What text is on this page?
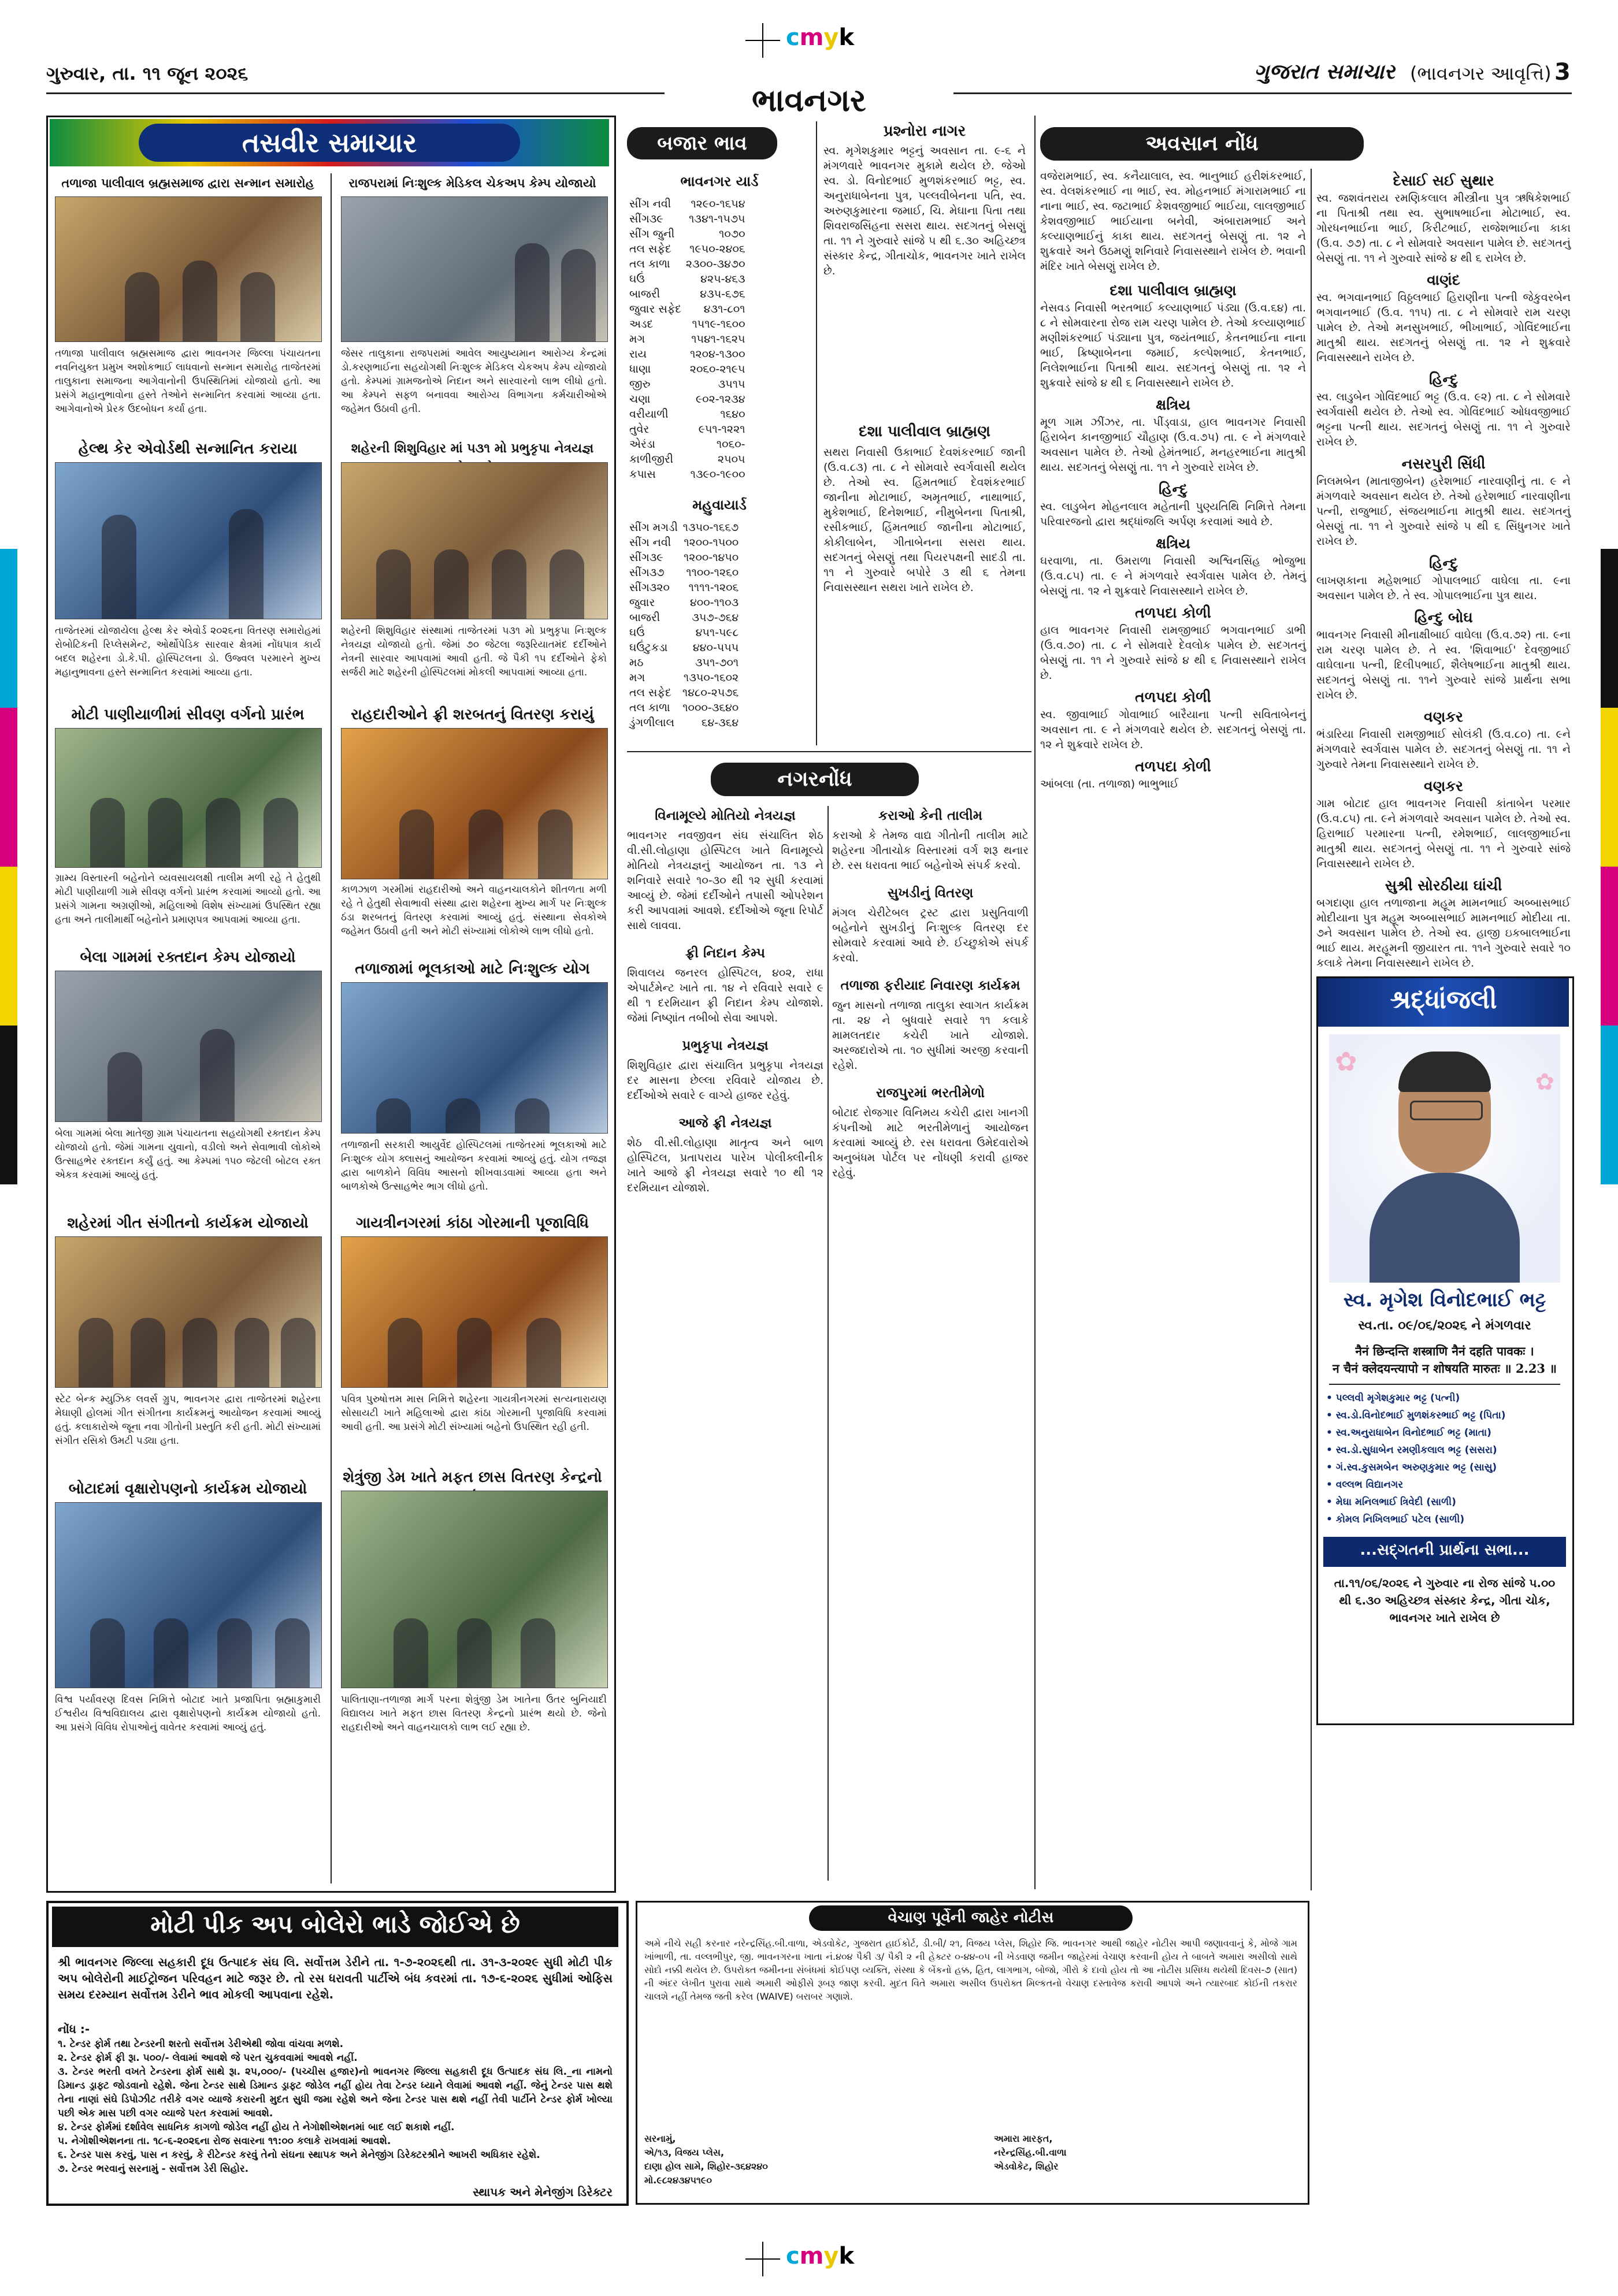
cmyk
cmyk
ગુરુવાર, તા. ૧૧ જૂન ૨૦૨૬	ગુજરાત સમાચાર (ભાવનગર આવૃત્તિ) 3
ભાવનગર
તસવીર સમાચાર
તળાજા પાલીવાલ બ્રહ્મસમાજ દ્વારા સન્માન સમારોહ
તળાજા પાલીવાલ બ્રહ્મસમાજ દ્વારા ભાવનગર જિલ્લા પંચાયતના નવનિયુક્ત પ્રમુખ અશોકભાઈ લાધવાનો સન્માન સમારોહ તાજેતરમાં તાલુકાના સમાજના આગેવાનોની ઉપસ્થિતિમાં યોજાયો હતો. આ પ્રસંગે મહાનુભાવોના હસ્તે તેઓને સન્માનિત કરવામાં આવ્યા હતા. આગેવાનોએ પ્રેરક ઉદબોધન કર્યા હતા.
હેલ્થ કેર એવોર્ડથી સન્માનિત કરાયા
તાજેતરમાં યોજાયેલા હેલ્થ કેર એવોર્ડ ૨૦૨૬ના વિતરણ સમારોહમાં રોબોટિકની રિપ્લેસમેન્ટ, ઓર્થોપેડિક સારવાર ક્ષેત્રમાં નોંધપાત્ર કાર્ય બદલ શહેરના ડો.કે.પી. હોસ્પિટલના ડો. ઉજ્વલ પરમારને મુખ્ય મહાનુભાવના હસ્તે સન્માનિત કરવામાં આવ્યા હતા.
મોટી પાણીયાળીમાં સીવણ વર્ગનો પ્રારંભ
ગ્રામ્ય વિસ્તારની બહેનોને વ્યવસાયલક્ષી તાલીમ મળી રહે તે હેતુથી મોટી પાણીયાળી ગામે સીવણ વર્ગનો પ્રારંભ કરવામાં આવ્યો હતો. આ પ્રસંગે ગામના અગ્રણીઓ, મહિલાઓ વિશેષ સંખ્યામાં ઉપસ્થિત રહ્યા હતા અને તાલીમાર્થી બહેનોને પ્રમાણપત્ર આપવામાં આવ્યા હતા.
બેલા ગામમાં રક્તદાન કેમ્પ યોજાયો
બેલા ગામમાં બેલા માતેજી ગ્રામ પંચાયતના સહયોગથી રક્તદાન કેમ્પ યોજાયો હતો. જેમાં ગામના યુવાનો, વડીલો અને સેવાભાવી લોકોએ ઉત્સાહભેર રક્તદાન કર્યું હતું. આ કેમ્પમાં ૧૫૦ જેટલી બોટલ રક્ત એકત્ર કરવામાં આવ્યું હતું.
શહેરમાં ગીત સંગીતનો કાર્યક્રમ યોજાયો
સ્ટેટ બેન્ક મ્યુઝિક લવર્સ ગ્રુપ, ભાવનગર દ્વારા તાજેતરમાં શહેરના મેઘાણી હોલમાં ગીત સંગીતના કાર્યક્રમનું આયોજન કરવામાં આવ્યું હતું. કલાકારોએ જૂના નવા ગીતોની પ્રસ્તુતિ કરી હતી. મોટી સંખ્યામાં સંગીત રસિકો ઉમટી પડ્યા હતા.
બોટાદમાં વૃક્ષારોપણનો કાર્યક્રમ યોજાયો
વિશ્વ પર્યાવરણ દિવસ નિમિત્તે બોટાદ ખાતે પ્રજાપિતા બ્રહ્માકુમારી ઈશ્વરીય વિશ્વવિદ્યાલય દ્વારા વૃક્ષારોપણનો કાર્યક્રમ યોજાયો હતો. આ પ્રસંગે વિવિધ રોપાઓનું વાવેતર કરવામાં આવ્યું હતું.
રાજપરામાં નિઃશુલ્ક મેડિકલ ચેકઅપ કેમ્પ યોજાયો
જેસર તાલુકાના રાજપરામાં આવેલ આયુષ્યમાન આરોગ્ય કેન્દ્રમાં ડો.કરણભાઈના સહયોગથી નિઃશુલ્ક મેડિકલ ચેકઅપ કેમ્પ યોજાયો હતો. કેમ્પમાં ગ્રામજનોએ નિદાન અને સારવારનો લાભ લીધો હતો. આ કેમ્પને સફળ બનાવવા આરોગ્ય વિભાગના કર્મચારીઓએ જહેમત ઉઠાવી હતી.
શહેરની શિશુવિહાર માં ૫૩૧ મો પ્રભુકૃપા નેત્રયજ્ઞ
શહેરની શિશુવિહાર સંસ્થામાં તાજેતરમાં ૫૩૧ મો પ્રભુકૃપા નિઃશુલ્ક નેત્રયજ્ઞ યોજાયો હતો. જેમાં ૭૦ જેટલા જરૂરિયાતમંદ દર્દીઓને નેત્રની સારવાર આપવામાં આવી હતી. જે પૈકી ૧૫ દર્દીઓને ફેકો સર્જરી માટે શહેરની હોસ્પિટલમાં મોકલી આપવામાં આવ્યા હતા.
રાહદારીઓને ફ્રી શરબતનું વિતરણ કરાયું
કાળઝાળ ગરમીમાં રાહદારીઓ અને વાહનચાલકોને શીતળતા મળી રહે તે હેતુથી સેવાભાવી સંસ્થા દ્વારા શહેરના મુખ્ય માર્ગ પર નિઃશુલ્ક ઠંડા શરબતનું વિતરણ કરવામાં આવ્યું હતું. સંસ્થાના સેવકોએ જહેમત ઉઠાવી હતી અને મોટી સંખ્યામાં લોકોએ લાભ લીધો હતો.
તળાજામાં ભૂલકાઓ માટે નિઃશુલ્ક યોગ
તળાજાની સરકારી આયુર્વેદ હોસ્પિટલમાં તાજેતરમાં ભૂલકાઓ માટે નિઃશુલ્ક યોગ ક્લાસનું આયોજન કરવામાં આવ્યું હતું. યોગ તજજ્ઞ દ્વારા બાળકોને વિવિધ આસનો શીખવાડવામાં આવ્યા હતા અને બાળકોએ ઉત્સાહભેર ભાગ લીધો હતો.
ગાયત્રીનગરમાં કાંઠા ગોરમાની પૂજાવિધિ
પવિત્ર પુરુષોત્તમ માસ નિમિત્તે શહેરના ગાયત્રીનગરમાં સત્યનારાયણ સોસાયટી ખાતે મહિલાઓ દ્વારા કાંઠા ગોરમાની પૂજાવિધિ કરવામાં આવી હતી. આ પ્રસંગે મોટી સંખ્યામાં બહેનો ઉપસ્થિત રહી હતી.
શેત્રુંજી ડેમ ખાતે મફત છાસ વિતરણ કેન્દ્રનો
પાલિતાણા-તળાજા માર્ગ પરના શેત્રુંજી ડેમ ખાતેના ઉતર બુનિયાદી વિદ્યાલય ખાતે મફત છાસ વિતરણ કેન્દ્રનો પ્રારંભ થયો છે. જેનો રાહદારીઓ અને વાહનચાલકો લાભ લઈ રહ્યા છે.
બજાર ભાવ
ભાવનગર યાર્ડ
સીંગ નવી	૧૨૯૦-૧૬૫૪
સીંગ૩૯	૧૩૪૧-૧૫૭૫
સીંગ જુની	૧૦૭૦
તલ સફેદ	૧૯૫૦-૨૪૦૬
તલ કાળા	૨૩૦૦-૩૪૭૦
ઘઉં	૪૨૫-૪૬૩
બાજરી	૪૩૫-૬૭૬
જુવાર સફેદ	૪૩૧-૮૦૧
અડદ	૧૫૧૯-૧૬૦૦
મગ	૧૫૪૧-૧૬૨૫
રાય	૧૨૦૪-૧૩૦૦
ધાણા	૨૦૬૦-૨૧૯૫
જીરુ	૩૫૧૫
ચણા	૯૦૨-૧૨૩૪
વરીયાળી	૧૬૪૦
તુવેર	૯૫૧-૧૨૨૧
એરંડા	૧૦૬૦-
કાળીજીરી	૨૫૦૫
કપાસ	૧૩૯૦-૧૯૦૦
મહુવાયાર્ડ
સીંગ મગડી	૧૩૫૦-૧૬૬૭
સીંગ નવી	૧૨૦૦-૧૫૦૦
સીંગ૩૯	૧૨૦૦-૧૪૫૦
સીંગ૩૭	૧૧૦૦-૧૨૬૦
સીંગ૩૨૦	૧૧૧૧-૧૨૦૬
જુવાર	૪૦૦-૧૧૦૩
બાજરી	૩૫૭-૭૬૪
ઘઉં	૪૫૧-૫૯૮
ઘઉંટુકડા	૪૪૦-૫૫૫
મઠ	૩૫૧-૭૦૧
મગ	૧૩૫૦-૧૬૦૨
તલ સફેદ	૧૪૮૦-૨૫૭૬
તલ કાળા	૧૦૦૦-૩૬૪૦
ડુંગળીલાલ	૬૪-૩૬૪
પ્રશ્નોરા નાગર
સ્વ. મૃગેશકુમાર ભટ્ટનું અવસાન તા. ૯-૬ ને મંગળવારે ભાવનગર મુકામે થયેલ છે. જેઓ સ્વ. ડો. વિનોદભાઈ મુળશંકરભાઈ ભટ્ટ, સ્વ. અનુરાધાબેનના પુત્ર, પલ્લવીબેનના પતિ, સ્વ. અરુણકુમારના જમાઈ, ચિ. મેઘાના પિતા તથા શિવરાજસિંહના સસરા થાય. સદગતનું બેસણું તા. ૧૧ ને ગુરુવારે સાંજે ૫ થી ૬.૩૦ અહિચ્છત્ર સંસ્કાર કેન્દ્ર, ગીતાચોક, ભાવનગર ખાતે રાખેલ છે.
દશા પાલીવાલ બ્રાહ્મણ
સથરા નિવાસી ઉકાભાઈ દેવશંકરભાઈ જાની (ઉ.વ.૮૩) તા. ૮ ને સોમવારે સ્વર્ગવાસી થયેલ છે. તેઓ સ્વ. હિંમતભાઈ દેવશંકરભાઈ જાનીના મોટાભાઈ, અમૃતભાઈ, નાથાભાઈ, મુકેશભાઈ, દિનેશભાઈ, નીમુબેનના પિતાશ્રી, રસીકભાઈ, હિંમતભાઈ જાનીના મોટાભાઈ, કોકીલાબેન, ગીતાબેનના સસરા થાય. સદગતનું બેસણું તથા પિયરપક્ષની સાદડી તા. ૧૧ ને ગુરુવારે બપોરે ૩ થી ૬ તેમના નિવાસસ્થાન સથરા ખાતે રાખેલ છે.
નગરનોંધ
વિનામૂલ્યે મોતિયો નેત્રયજ્ઞ
ભાવનગર નવજીવન સંઘ સંચાલિત શેઠ વી.સી.લોહાણા હોસ્પિટલ ખાતે વિનામૂલ્યે મોતિયો નેત્રયજ્ઞનું આયોજન તા. ૧૩ ને શનિવારે સવારે ૧૦-૩૦ થી ૧૨ સુધી કરવામાં આવ્યું છે. જેમાં દર્દીઓને તપાસી ઓપરેશન કરી આપવામાં આવશે. દર્દીઓએ જૂના રિપોર્ટ સાથે લાવવા.
ફ્રી નિદાન કેમ્પ
શિવાલય જનરલ હોસ્પિટલ, ૪૦૨, રાધા એપાર્ટમેન્ટ ખાતે તા. ૧૪ ને રવિવારે સવારે ૯ થી ૧ દરમિયાન ફ્રી નિદાન કેમ્પ યોજાશે. જેમાં નિષ્ણાંત તબીબો સેવા આપશે.
પ્રભુકૃપા નેત્રયજ્ઞ
શિશુવિહાર દ્વારા સંચાલિત પ્રભુકૃપા નેત્રયજ્ઞ દર માસના છેલ્લા રવિવારે યોજાય છે. દર્દીઓએ સવારે ૯ વાગ્યે હાજર રહેવું.
આજે ફ્રી નેત્રયજ્ઞ
શેઠ વી.સી.લોહાણા માતૃત્વ અને બાળ હોસ્પિટલ, પ્રતાપરાય પારેખ પોલીક્લીનીક ખાતે આજે ફ્રી નેત્રયજ્ઞ સવારે ૧૦ થી ૧૨ દરમિયાન યોજાશે.
કરાઓ કેની તાલીમ
કરાઓ કે તેમજ વાદ્ય ગીતોની તાલીમ માટે શહેરના ગીતાચોક વિસ્તારમાં વર્ગ શરૂ થનાર છે. રસ ધરાવતા ભાઈ બહેનોએ સંપર્ક કરવો.
સુખડીનું વિતરણ
મંગલ ચેરીટેબલ ટ્રસ્ટ દ્વારા પ્રસુતિવાળી બહેનોને સુખડીનું નિઃશુલ્ક વિતરણ દર સોમવારે કરવામાં આવે છે. ઈચ્છુકોએ સંપર્ક કરવો.
તળાજા ફરીયાદ નિવારણ કાર્યક્રમ
જુન માસનો તળાજા તાલુકા સ્વાગત કાર્યક્રમ તા. ૨૪ ને બુધવારે સવારે ૧૧ કલાકે મામલતદાર કચેરી ખાતે યોજાશે. અરજદારોએ તા. ૧૦ સુધીમાં અરજી કરવાની રહેશે.
રાજપુરમાં ભરતીમેળો
બોટાદ રોજગાર વિનિમય કચેરી દ્વારા ખાનગી કંપનીઓ માટે ભરતીમેળાનું આયોજન કરવામાં આવ્યું છે. રસ ધરાવતા ઉમેદવારોએ અનુબંધમ પોર્ટલ પર નોંધણી કરાવી હાજર રહેવું.
અવસાન નોંધ
વજેરામભાઈ, સ્વ. કનૈયાલાલ, સ્વ. ભાનુભાઈ હરીશંકરભાઈ, સ્વ. વેલશંકરભાઈ ના ભાઈ, સ્વ. મોહનભાઈ મંગારામભાઈ ના નાના ભાઈ, સ્વ. જટાભાઈ કેશવજીભાઈ ભાઈયા, લાલજીભાઈ કેશવજીભાઈ ભાઈયાના બનેવી, અંબારામભાઈ અને કલ્યાણભાઈનું કાકા થાય. સદગતનું બેસણું તા. ૧૨ ને શુક્રવારે અને ઉઠમણું શનિવારે નિવાસસ્થાને રાખેલ છે. ભવાની મંદિર ખાતે બેસણું રાખેલ છે.
દશા પાલીવાલ બ્રાહ્મણ
નેસવડ નિવાસી ભરતભાઈ કલ્યાણભાઈ પંડ્યા (ઉ.વ.૬૪) તા. ૮ ને સોમવારના રોજ રામ ચરણ પામેલ છે. તેઓ કલ્યાણભાઈ મણીશંકરભાઈ પંડ્યાના પુત્ર, જયંતભાઈ, કેતનભાઈના નાના ભાઈ, ક્રિષ્ણાબેનના જમાઈ, કલ્પેશભાઈ, કેતનભાઈ, નિલેશભાઈના પિતાશ્રી થાય. સદગતનું બેસણું તા. ૧૨ ને શુક્રવારે સાંજે ૪ થી ૬ નિવાસસ્થાને રાખેલ છે.
ક્ષત્રિય
મૂળ ગામ ઝીંઝર, તા. પીંડ્વાડા, હાલ ભાવનગર નિવાસી હિરાબેન કાનજીભાઈ ચૌહાણ (ઉ.વ.૭૫) તા. ૯ ને મંગળવારે અવસાન પામેલ છે. તેઓ હેમંતભાઈ, મનહરભાઈના માતુશ્રી થાય. સદગતનું બેસણું તા. ૧૧ ને ગુરુવારે રાખેલ છે.
હિન્દુ
સ્વ. લાડુબેન મોહનલાલ મહેતાની પુણ્યતિથિ નિમિત્તે તેમના પરિવારજનો દ્વારા શ્રદ્ધાંજલિ અર્પણ કરવામાં આવે છે.
ક્ષત્રિય
ઘરવાળા, તા. ઉમરાળા નિવાસી અશ્વિનસિંહ ભોજુભા (ઉ.વ.૮૫) તા. ૯ ને મંગળવારે સ્વર્ગવાસ પામેલ છે. તેમનું બેસણું તા. ૧૨ ને શુક્રવારે નિવાસસ્થાને રાખેલ છે.
તળપદા કોળી
હાલ ભાવનગર નિવાસી રામજીભાઈ ભગવાનભાઈ ડાભી (ઉ.વ.૭૦) તા. ૮ ને સોમવારે દેવલોક પામેલ છે. સદગતનું બેસણું તા. ૧૧ ને ગુરુવારે સાંજે ૪ થી ૬ નિવાસસ્થાને રાખેલ છે.
તળપદા કોળી
સ્વ. જીવાભાઈ ગોવાભાઈ બારૈયાના પત્ની સવિતાબેનનું અવસાન તા. ૯ ને મંગળવારે થયેલ છે. સદગતનું બેસણું તા. ૧૨ ને શુક્રવારે રાખેલ છે.
તળપદા કોળી
આંબલા (તા. તળાજા) ભાભુભાઈ
દેસાઈ સઈ સુથાર
સ્વ. જશવંતરાય રમણિકલાલ મીસ્ત્રીના પુત્ર ઋષિકેશભાઈ ના પિતાશ્રી તથા સ્વ. સુભાષભાઈના મોટાભાઈ, સ્વ. ગોરધનભાઈના ભાઈ, કિરીટભાઈ, રાજેશભાઈના કાકા (ઉ.વ. ૭૭) તા. ૮ ને સોમવારે અવસાન પામેલ છે. સદગતનું બેસણું તા. ૧૧ ને ગુરુવારે સાંજે ૪ થી ૬ રાખેલ છે.
વાણંદ
સ્વ. ભગવાનભાઈ વિઠ્ઠલભાઈ હિરાણીના પત્ની જેકુવરબેન ભગવાનભાઈ (ઉ.વ. ૧૧૫) તા. ૮ ને સોમવારે રામ ચરણ પામેલ છે. તેઓ મનસુખભાઈ, ભીખાભાઈ, ગોવિંદભાઈના માતુશ્રી થાય. સદગતનું બેસણું તા. ૧૨ ને શુક્રવારે નિવાસસ્થાને રાખેલ છે.
હિન્દુ
સ્વ. લાડુબેન ગોવિંદભાઈ ભટ્ટ (ઉ.વ. ૯૨) તા. ૮ ને સોમવારે સ્વર્ગવાસી થયેલ છે. તેઓ સ્વ. ગોવિંદભાઈ ઓધવજીભાઈ ભટ્ટના પત્ની થાય. સદગતનું બેસણું તા. ૧૧ ને ગુરુવારે રાખેલ છે.
નસરપુરી સિંધી
નિલમબેન (માતાજીબેન) હરેશભાઈ નારવાણીનું તા. ૯ ને મંગળવારે અવસાન થયેલ છે. તેઓ હરેશભાઈ નારવાણીના પત્ની, રાજુભાઈ, સંજયભાઈના માતુશ્રી થાય. સદગતનું બેસણું તા. ૧૧ ને ગુરુવારે સાંજે ૫ થી ૬ સિંધુનગર ખાતે રાખેલ છે.
હિન્દુ
લાખણકાના મહેશભાઈ ગોપાલભાઈ વાઘેલા તા. ૯ના અવસાન પામેલ છે. તે સ્વ. ગોપાલભાઈના પુત્ર થાય.
હિન્દુ બોઘ
ભાવનગર નિવાસી મીનાક્ષીબાઈ વાઘેલા (ઉ.વ.૭૨) તા. ૯ના રામ ચરણ પામેલ છે. તે સ્વ. 'શિવાભાઈ' દેવજીભાઈ વાઘેલાના પત્ની, દિલીપભાઈ, શૈલેષભાઈના માતુશ્રી થાય. સદગતનું બેસણું તા. ૧૧ને ગુરુવારે સાંજે પ્રાર્થના સભા રાખેલ છે.
વણકર
ભંડારિયા નિવાસી રામજીભાઈ સોલંકી (ઉ.વ.૮૦) તા. ૯ને મંગળવારે સ્વર્ગવાસ પામેલ છે. સદગતનું બેસણું તા. ૧૧ ને ગુરુવારે તેમના નિવાસસ્થાને રાખેલ છે.
વણકર
ગામ બોટાદ હાલ ભાવનગર નિવાસી કાંતાબેન પરમાર (ઉ.વ.૮૫) તા. ૯ને મંગળવારે અવસાન પામેલ છે. તેઓ સ્વ. હિરાભાઈ પરમારના પત્ની, રમેશભાઈ, લાલજીભાઈના માતુશ્રી થાય. સદગતનું બેસણું તા. ૧૧ ને ગુરુવારે સાંજે નિવાસસ્થાને રાખેલ છે.
સુશ્રી સોરઠીયા ઘાંચી
બગદાણા હાલ તળાજાના મહૂમ મામનભાઈ અબ્બાસભાઈ મોદીયાના પુત્ર મહૂમ અબ્બાસભાઈ મામનભાઈ મોદીયા તા. ૭ને અવસાન પામેલ છે. તેઓ સ્વ. હાજી ઇકબાલભાઈના ભાઈ થાય. મરહૂમની જીયારત તા. ૧૧ને ગુરુવારે સવારે ૧૦ કલાકે તેમના નિવાસસ્થાને રાખેલ છે.
શ્રદ્ધાંજલી
✿
✿
સ્વ. મૃગેશ વિનોદભાઈ ભટ્ટ
સ્વ.તા. ૦૯/૦૬/૨૦૨૬ ને મંગળવાર
नैनं छिन्दन्ति शस्त्राणि नैनं दहति पावकः ।
न चैनं क्लेदयन्त्यापो न शोषयति मारुतः ॥ 2.23 ॥
• પલ્લવી મૃગેશકુમાર ભટ્ટ (પત્ની)
• સ્વ.ડો.વિનોદભાઈ મુળશંકરભાઈ ભટ્ટ (પિતા)
• સ્વ.અનુરાધાબેન વિનોદભાઈ ભટ્ટ (માતા)
• સ્વ.ડો.સુધાબેન રમણીકલાલ ભટ્ટ (સસરા)
• ગં.સ્વ.કુસમબેન અરુણકુમાર ભટ્ટ (સાસુ)
• વલ્લભ વિદ્યાનગર
• મેઘા મનિલભાઈ ત્રિવેદી (સાળી)
• કોમલ નિખિલભાઈ પટેલ (સાળી)
...સદ્‌ગતની પ્રાર્થના સભા...
તા.૧૧/૦૬/૨૦૨૬ ને ગુરુવાર ના રોજ સાંજે ૫.૦૦ થી ૬.૩૦ અહિચ્છત્ર સંસ્કાર કેન્દ્ર, ગીતા ચોક, ભાવનગર ખાતે રાખેલ છે
મોટી પીક અપ બોલેરો ભાડે જોઈએ છે
શ્રી ભાવનગર જિલ્લા સહકારી દૂધ ઉત્પાદક સંઘ લિ. સર્વોત્તમ ડેરીને તા. ૧-૭-૨૦૨૬થી તા. ૩૧-૩-૨૦૨૯ સુધી મોટી પીક અપ બોલેરોની માઈટ્રોજન પરિવહન માટે જરૂર છે. તો રસ ધરાવતી પાર્ટીએ બંધ કવરમાં તા. ૧૭-૬-૨૦૨૬ સુધીમાં ઓફિસ સમય દરમ્યાન સર્વોત્તમ ડેરીને ભાવ મોકલી આપવાના રહેશે.
નોંધ :-
૧. ટેન્ડર ફોર્મ તથા ટેન્ડરની શરતો સર્વોત્તમ ડેરીએથી જોવા વાંચવા મળશે.
૨. ટેન્ડર ફોર્મ ફી રૂા. ૫૦૦/- લેવામાં આવશે જે પરત ચુકવવામાં આવશે નહીં.
૩. ટેન્ડર ભરતી વખતે ટેન્ડરના ફોર્મ સાથે રૂા. ૨૫,૦૦૦/- (પચ્ચીસ હજાર)નો ભાવનગર જિલ્લા સહકારી દૂધ ઉત્પાદક સંઘ લિ._ના નામનો ડિમાન્ડ ડ્રાફ્ટ જોડવાનો રહેશે. જેના ટેન્ડર સાથે ડિમાન્ડ ડ્રાફ્ટ જોડેલ નહીં હોય તેવા ટેન્ડર ધ્યાને લેવામાં આવશે નહીં. જેનું ટેન્ડર પાસ થશે તેના નાણાં સંઘે ડિપોઝીટ તરીકે વગર વ્યાજે કરારની મુદત સુધી જમા રહેશે અને જેના ટેન્ડર પાસ થશે નહીં તેવી પાર્ટીને ટેન્ડર ફોર્મ ખોલ્યા પછી એક માસ પછી વગર વ્યાજે પરત કરવામાં આવશે.
૪. ટેન્ડર ફોર્મમાં દર્શાવેલ સાધનિક કાગળો જોડેલ નહીં હોય તે નેગોશીએશનમાં બાદ લઈ શકાશે નહીં.
૫. નેગોશીએશનના તા. ૧૮-૬-૨૦૨૬ના રોજ સવારના ૧૧:૦૦ કલાકે રાખવામાં આવશે.
૬. ટેન્ડર પાસ કરવું, પાસ ન કરવું, કે રીટેન્ડર કરવું તેનો સંઘના સ્થાપક અને મેનેજીંગ ડિરેક્ટરશ્રીને આખરી અધિકાર રહેશે.
૭. ટેન્ડર ભરવાનું સરનામું - સર્વોત્તમ ડેરી સિહોર.
સ્થાપક અને મેનેજીંગ ડિરેક્ટર
વેચાણ પૂર્વેની જાહેર નોટીસ
અમે નીચે સહી કરનાર નરેન્દ્રસિંહ.બી.વાળા, એડવોકેટ, ગુજરાત હાઈકોર્ટ, ડી.બી/ ૨૧, વિજય પ્લેસ, શિહોર જિ. ભાવનગર આથી જાહેર નોટીસ આપી જણાવવાનું કે, મોજે ગામ ખાંભાળી, તા. વલ્લભીપુર, જી. ભાવનગરના ખાતા નં.૪૦૪ પૈકી ૩/ પૈકી ૨ ની હેક્ટર ૦-૪૪-૦૫ ની ખેડવાણ જમીન જાહેરમાં વેચાણ કરવાની હોય તે બાબતે અમારા અસીલો સાથે સોદો નક્કી થયેલ છે. ઉપરોક્ત જમીનના સંબંધમાં કોઈપણ વ્યક્તિ, સંસ્થા કે બેંકનો હક્ક, હિત, લાગભાગ, બોજો, ગીરો કે દાવો હોય તો આ નોટીસ પ્રસિધ્ધ થયેથી દિવસ-૭ (સાત) ની અંદર લેખીત પુરાવા સાથે અમારી ઓફીસે રૂબરૂ જાણ કરવી. મુદત વિતે અમારા અસીલ ઉપરોક્ત મિલ્કતનો વેચાણ દસ્તાવેજ કરાવી આપશે અને ત્યારબાદ કોઈની તકરાર ચાલશે નહીં તેમજ જતી કરેલ (WAIVE) બરાબર ગણાશે.
સરનામું,
એ/૧૩, વિજય પ્લેસ,
દાણા હોલ સામે, શિહોર-૩૬૪૨૪૦
મો.૯૮૨૪૩૪૫૧૯૦
અમારા મારફત,
નરેન્દ્રસિંહ.બી.વાળા
એડવોકેટ, શિહોર
